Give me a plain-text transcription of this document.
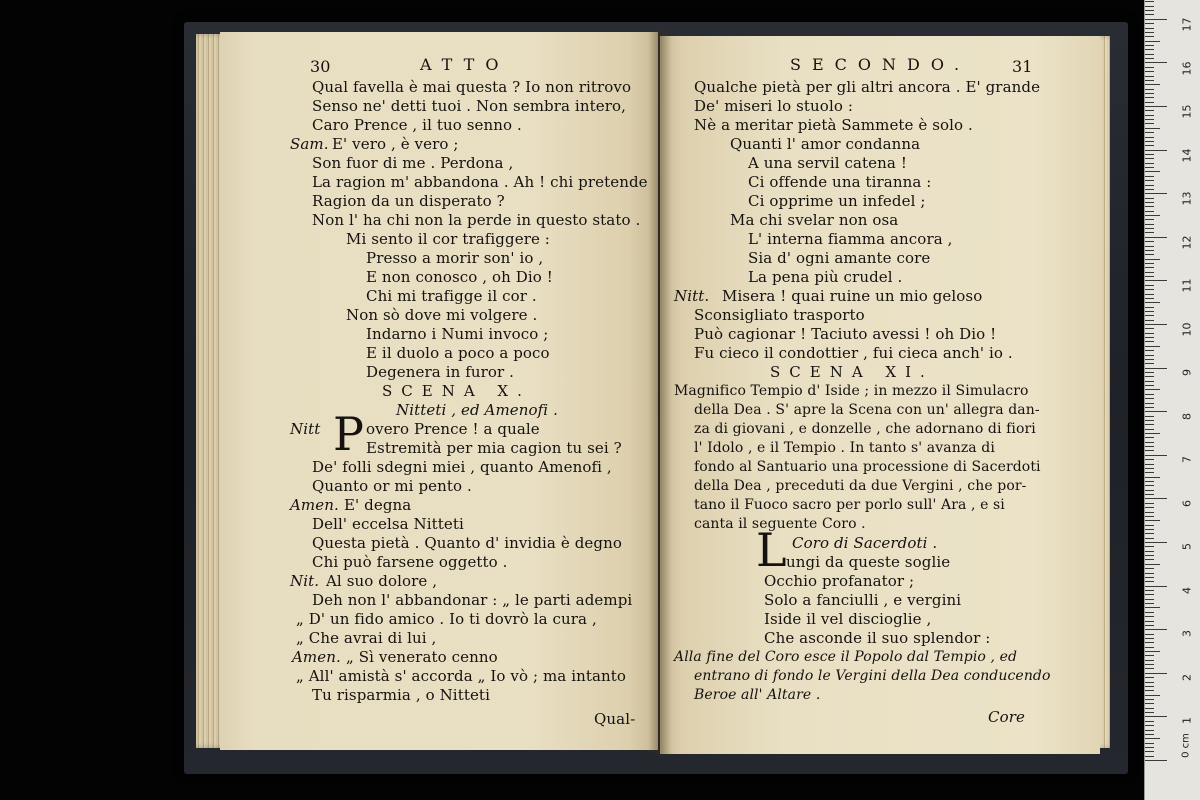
30	ATTO
Qual favella è mai questa ? Io non ritrovo
Senso ne' detti tuoi . Non sembra intero,
Caro Prence , il tuo senno .
Sam. E' vero , è vero ;
Son fuor di me . Perdona ,
La ragion m' abbandona . Ah ! chi pretende
Ragion da un disperato ?
Non l' ha chi non la perde in questo stato .
Mi sento il cor trafiggere :
Presso a morir son' io ,
E non conosco , oh Dio !
Chi mi trafigge il cor .
Non sò dove mi volgere .
Indarno i Numi invoco ;
E il duolo a poco a poco
Degenera in furor .
SCENA X.
Nitteti , ed Amenofi .
Nitt P overo Prence ! a quale
Estremità per mia cagion tu sei ?
De' folli sdegni miei , quanto Amenofi ,
Quanto or mi pento .
Amen. E' degna
Dell' eccelsa Nitteti
Questa pietà . Quanto d' invidia è degno
Chi può farsene oggetto .
Nit. Al suo dolore ,
Deh non l' abbandonar : „ le parti adempi
„ D' un fido amico . Io ti dovrò la cura ,
„ Che avrai di lui ,
Amen. „ Sì venerato cenno
„ All' amistà s' accorda „ Io vò ; ma intanto
Tu risparmia , o Nitteti
Qual-
SECONDO.	31
Qualche pietà per gli altri ancora . E' grande
De' miseri lo stuolo :
Nè a meritar pietà Sammete è solo .
Quanti l' amor condanna
A una servil catena !
Ci offende una tiranna :
Ci opprime un infedel ;
Ma chi svelar non osa
L' interna fiamma ancora ,
Sia d' ogni amante core
La pena più crudel .
Nitt. Misera ! quai ruine un mio geloso
Sconsigliato trasporto
Può cagionar ! Taciuto avessi ! oh Dio !
Fu cieco il condottier , fui cieca anch' io .
SCENA XI.
Magnifico Tempio d' Iside ; in mezzo il Simulacro
della Dea . S' apre la Scena con un' allegra dan-
za di giovani , e donzelle , che adornano di fiori
l' Idolo , e il Tempio . In tanto s' avanza di
fondo al Santuario una processione di Sacerdoti
della Dea , preceduti da due Vergini , che por-
tano il Fuoco sacro per porlo sull' Ara , e si
canta il seguente Coro .
Coro di Sacerdoti .
L ungi da queste soglie
Occhio profanator ;
Solo a fanciulli , e vergini
Iside il vel discioglie ,
Che asconde il suo splendor :
Alla fine del Coro esce il Popolo dal Tempio , ed
entrano di fondo le Vergini della Dea conducendo
Beroe all' Altare .
Core
17
16
15
14
13
12
11
10
9
8
7
6
5
4
3
2
1
0 cm
